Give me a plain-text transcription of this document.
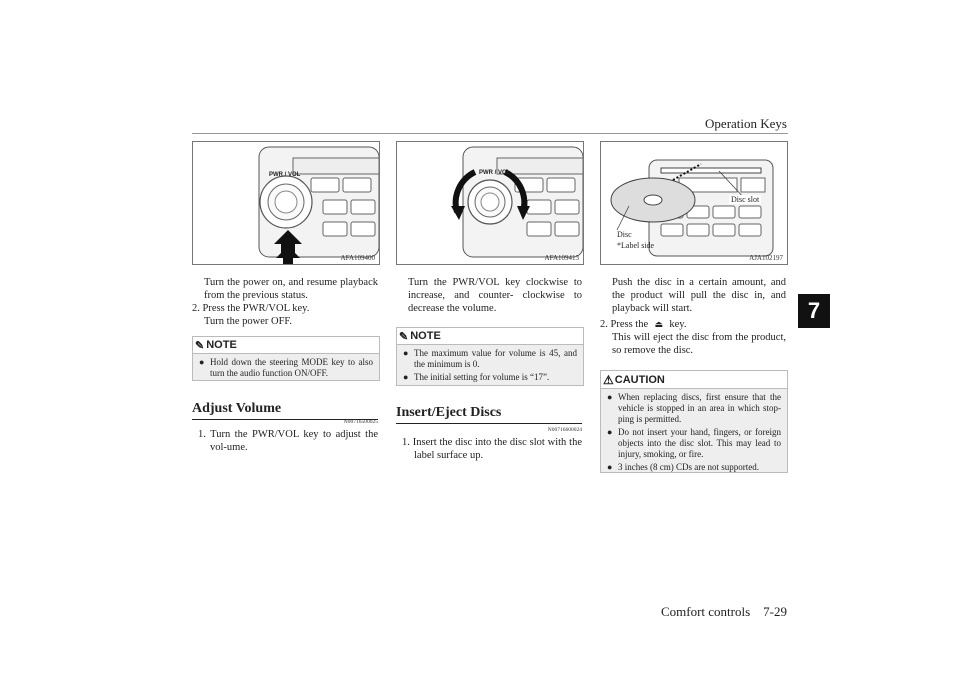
Operation Keys
7
Comfort controls 7-29
PWR / VOL
AFA109400

Turn the power on, and resume playback from the previous status.

2. Press the PWR/VOL key.

Turn the power OFF.

✎ NOTE
● Hold down the steering MODE key to also turn the audio function ON/OFF.
Adjust Volume
N00716500025

1. Turn the PWR/VOL key to adjust the vol-ume.

PWR / VOL
AFA109413

Turn the PWR/VOL key clockwise to increase, and counter- clockwise to decrease the volume.

✎ NOTE
● The maximum value for volume is 45, and the minimum is 0.
● The initial setting for volume is “17”.
Insert/Eject Discs
N00716600024

1. Insert the disc into the disc slot with the label surface up.

Disc slot
Disc
*Label side
AJA102197

Push the disc in a certain amount, and the product will pull the disc in, and playback will start.

2. Press the ⏏ key.

This will eject the disc from the product, so remove the disc.

⚠ CAUTION
● When replacing discs, first ensure that the vehicle is stopped in an area in which stop-ping is permitted.
● Do not insert your hand, fingers, or foreign objects into the disc slot. This may lead to injury, smoking, or fire.
● 3 inches (8 cm) CDs are not supported.
